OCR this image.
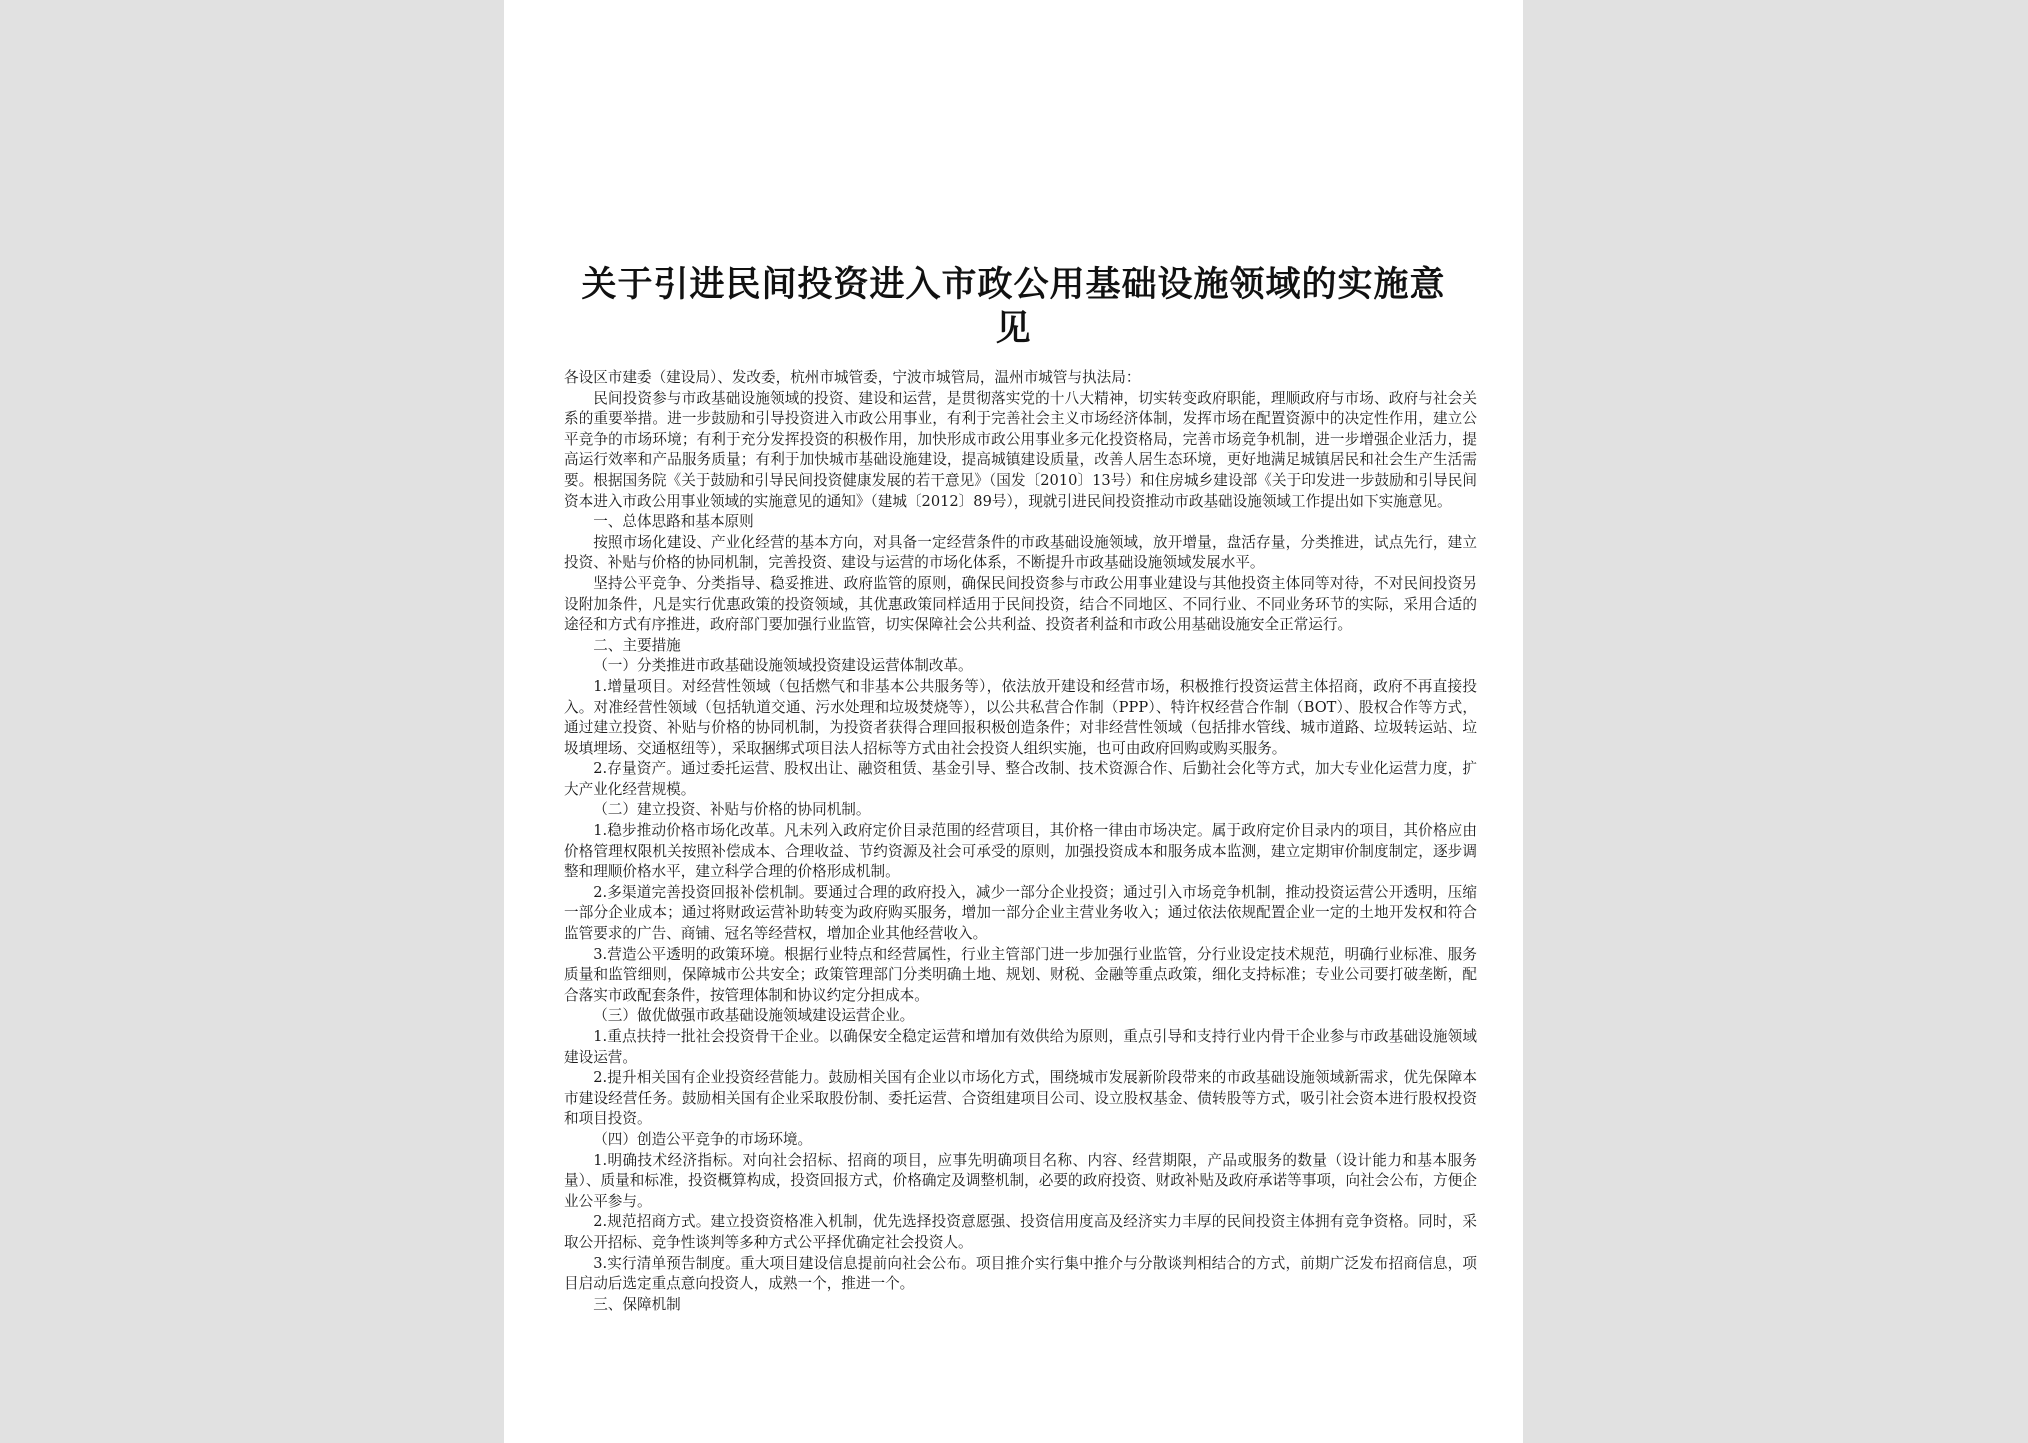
关于引进民间投资进入市政公用基础设施领域的实施意见

各设区市建委（建设局）、发改委，杭州市城管委，宁波市城管局，温州市城管与执法局：

民间投资参与市政基础设施领域的投资、建设和运营，是贯彻落实党的十八大精神，切实转变政府职能，理顺政府与市场、政府与社会关系的重要举措。进一步鼓励和引导投资进入市政公用事业，有利于完善社会主义市场经济体制，发挥市场在配置资源中的决定性作用，建立公平竞争的市场环境；有利于充分发挥投资的积极作用，加快形成市政公用事业多元化投资格局，完善市场竞争机制，进一步增强企业活力，提高运行效率和产品服务质量；有利于加快城市基础设施建设，提高城镇建设质量，改善人居生态环境，更好地满足城镇居民和社会生产生活需要。根据国务院《关于鼓励和引导民间投资健康发展的若干意见》（国发〔2010〕13号）和住房城乡建设部《关于印发进一步鼓励和引导民间资本进入市政公用事业领域的实施意见的通知》（建城〔2012〕89号），现就引进民间投资推动市政基础设施领域工作提出如下实施意见。

一、总体思路和基本原则

按照市场化建设、产业化经营的基本方向，对具备一定经营条件的市政基础设施领域，放开增量，盘活存量，分类推进，试点先行，建立投资、补贴与价格的协同机制，完善投资、建设与运营的市场化体系，不断提升市政基础设施领域发展水平。

坚持公平竞争、分类指导、稳妥推进、政府监管的原则，确保民间投资参与市政公用事业建设与其他投资主体同等对待，不对民间投资另设附加条件，凡是实行优惠政策的投资领域，其优惠政策同样适用于民间投资，结合不同地区、不同行业、不同业务环节的实际，采用合适的途径和方式有序推进，政府部门要加强行业监管，切实保障社会公共利益、投资者利益和市政公用基础设施安全正常运行。

二、主要措施

（一）分类推进市政基础设施领域投资建设运营体制改革。

1.增量项目。对经营性领域（包括燃气和非基本公共服务等），依法放开建设和经营市场，积极推行投资运营主体招商，政府不再直接投入。对准经营性领域（包括轨道交通、污水处理和垃圾焚烧等），以公共私营合作制（PPP）、特许权经营合作制（BOT）、股权合作等方式，通过建立投资、补贴与价格的协同机制，为投资者获得合理回报积极创造条件；对非经营性领域（包括排水管线、城市道路、垃圾转运站、垃圾填埋场、交通枢纽等），采取捆绑式项目法人招标等方式由社会投资人组织实施，也可由政府回购或购买服务。

2.存量资产。通过委托运营、股权出让、融资租赁、基金引导、整合改制、技术资源合作、后勤社会化等方式，加大专业化运营力度，扩大产业化经营规模。

（二）建立投资、补贴与价格的协同机制。

1.稳步推动价格市场化改革。凡未列入政府定价目录范围的经营项目，其价格一律由市场决定。属于政府定价目录内的项目，其价格应由价格管理权限机关按照补偿成本、合理收益、节约资源及社会可承受的原则，加强投资成本和服务成本监测，建立定期审价制度制定，逐步调整和理顺价格水平，建立科学合理的价格形成机制。

2.多渠道完善投资回报补偿机制。要通过合理的政府投入，减少一部分企业投资；通过引入市场竞争机制，推动投资运营公开透明，压缩一部分企业成本；通过将财政运营补助转变为政府购买服务，增加一部分企业主营业务收入；通过依法依规配置企业一定的土地开发权和符合监管要求的广告、商铺、冠名等经营权，增加企业其他经营收入。

3.营造公平透明的政策环境。根据行业特点和经营属性，行业主管部门进一步加强行业监管，分行业设定技术规范，明确行业标准、服务质量和监管细则，保障城市公共安全；政策管理部门分类明确土地、规划、财税、金融等重点政策，细化支持标准；专业公司要打破垄断，配合落实市政配套条件，按管理体制和协议约定分担成本。

（三）做优做强市政基础设施领域建设运营企业。

1.重点扶持一批社会投资骨干企业。以确保安全稳定运营和增加有效供给为原则，重点引导和支持行业内骨干企业参与市政基础设施领域建设运营。

2.提升相关国有企业投资经营能力。鼓励相关国有企业以市场化方式，围绕城市发展新阶段带来的市政基础设施领域新需求，优先保障本市建设经营任务。鼓励相关国有企业采取股份制、委托运营、合资组建项目公司、设立股权基金、债转股等方式，吸引社会资本进行股权投资和项目投资。

（四）创造公平竞争的市场环境。

1.明确技术经济指标。对向社会招标、招商的项目，应事先明确项目名称、内容、经营期限，产品或服务的数量（设计能力和基本服务量）、质量和标准，投资概算构成，投资回报方式，价格确定及调整机制，必要的政府投资、财政补贴及政府承诺等事项，向社会公布，方便企业公平参与。

2.规范招商方式。建立投资资格准入机制，优先选择投资意愿强、投资信用度高及经济实力丰厚的民间投资主体拥有竞争资格。同时，采取公开招标、竞争性谈判等多种方式公平择优确定社会投资人。

3.实行清单预告制度。重大项目建设信息提前向社会公布。项目推介实行集中推介与分散谈判相结合的方式，前期广泛发布招商信息，项目启动后选定重点意向投资人，成熟一个，推进一个。

三、保障机制
